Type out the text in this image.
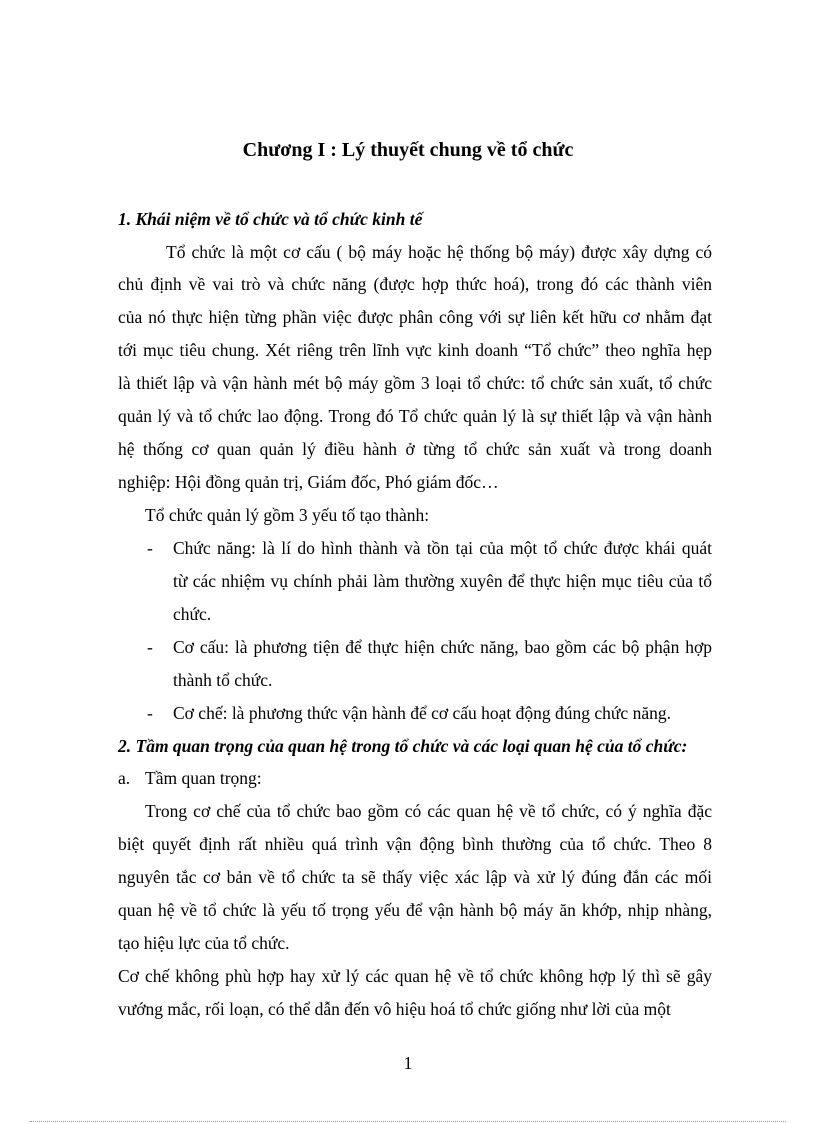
Chương I : Lý thuyết chung về tổ chức
1. Khái niệm về tổ chức và tổ chức kinh tế
Tổ chức là một cơ cấu ( bộ máy hoặc hệ thống bộ máy) được xây dựng có
chủ định về vai trò và chức năng (được hợp thức hoá), trong đó các thành viên
của nó thực hiện từng phần việc được phân công với sự liên kết hữu cơ nhằm đạt
tới mục tiêu chung. Xét riêng trên lĩnh vực kinh doanh “Tổ chức” theo nghĩa hẹp
là thiết lập và vận hành mét bộ máy gồm 3 loại tổ chức: tổ chức sản xuất, tổ chức
quản lý và tổ chức lao động. Trong đó Tổ chức quản lý là sự thiết lập và vận hành
hệ thống cơ quan quản lý điều hành ở từng tổ chức sản xuất và trong doanh
nghiệp: Hội đồng quản trị, Giám đốc, Phó giám đốc…
Tổ chức quản lý gồm 3 yếu tố tạo thành:
- Chức năng: là lí do hình thành và tồn tại của một tổ chức được khái quát
từ các nhiệm vụ chính phải làm thường xuyên để thực hiện mục tiêu của tổ
chức.
- Cơ cấu: là phương tiện để thực hiện chức năng, bao gồm các bộ phận hợp
thành tổ chức.
- Cơ chế: là phương thức vận hành để cơ cấu hoạt động đúng chức năng.
2. Tầm quan trọng của quan hệ trong tổ chức và các loại quan hệ của tổ chức:
a. Tầm quan trọng:
Trong cơ chế của tổ chức bao gồm có các quan hệ về tổ chức, có ý nghĩa đặc
biệt quyết định rất nhiều quá trình vận động bình thường của tổ chức. Theo 8
nguyên tắc cơ bản về tổ chức ta sẽ thấy việc xác lập và xử lý đúng đắn các mối
quan hệ về tổ chức là yếu tố trọng yếu để vận hành bộ máy ăn khớp, nhịp nhàng,
tạo hiệu lực của tổ chức.
Cơ chế không phù hợp hay xử lý các quan hệ về tổ chức không hợp lý thì sẽ gây
vướng mắc, rối loạn, có thể dẫn đến vô hiệu hoá tổ chức giống như lời của một
1
